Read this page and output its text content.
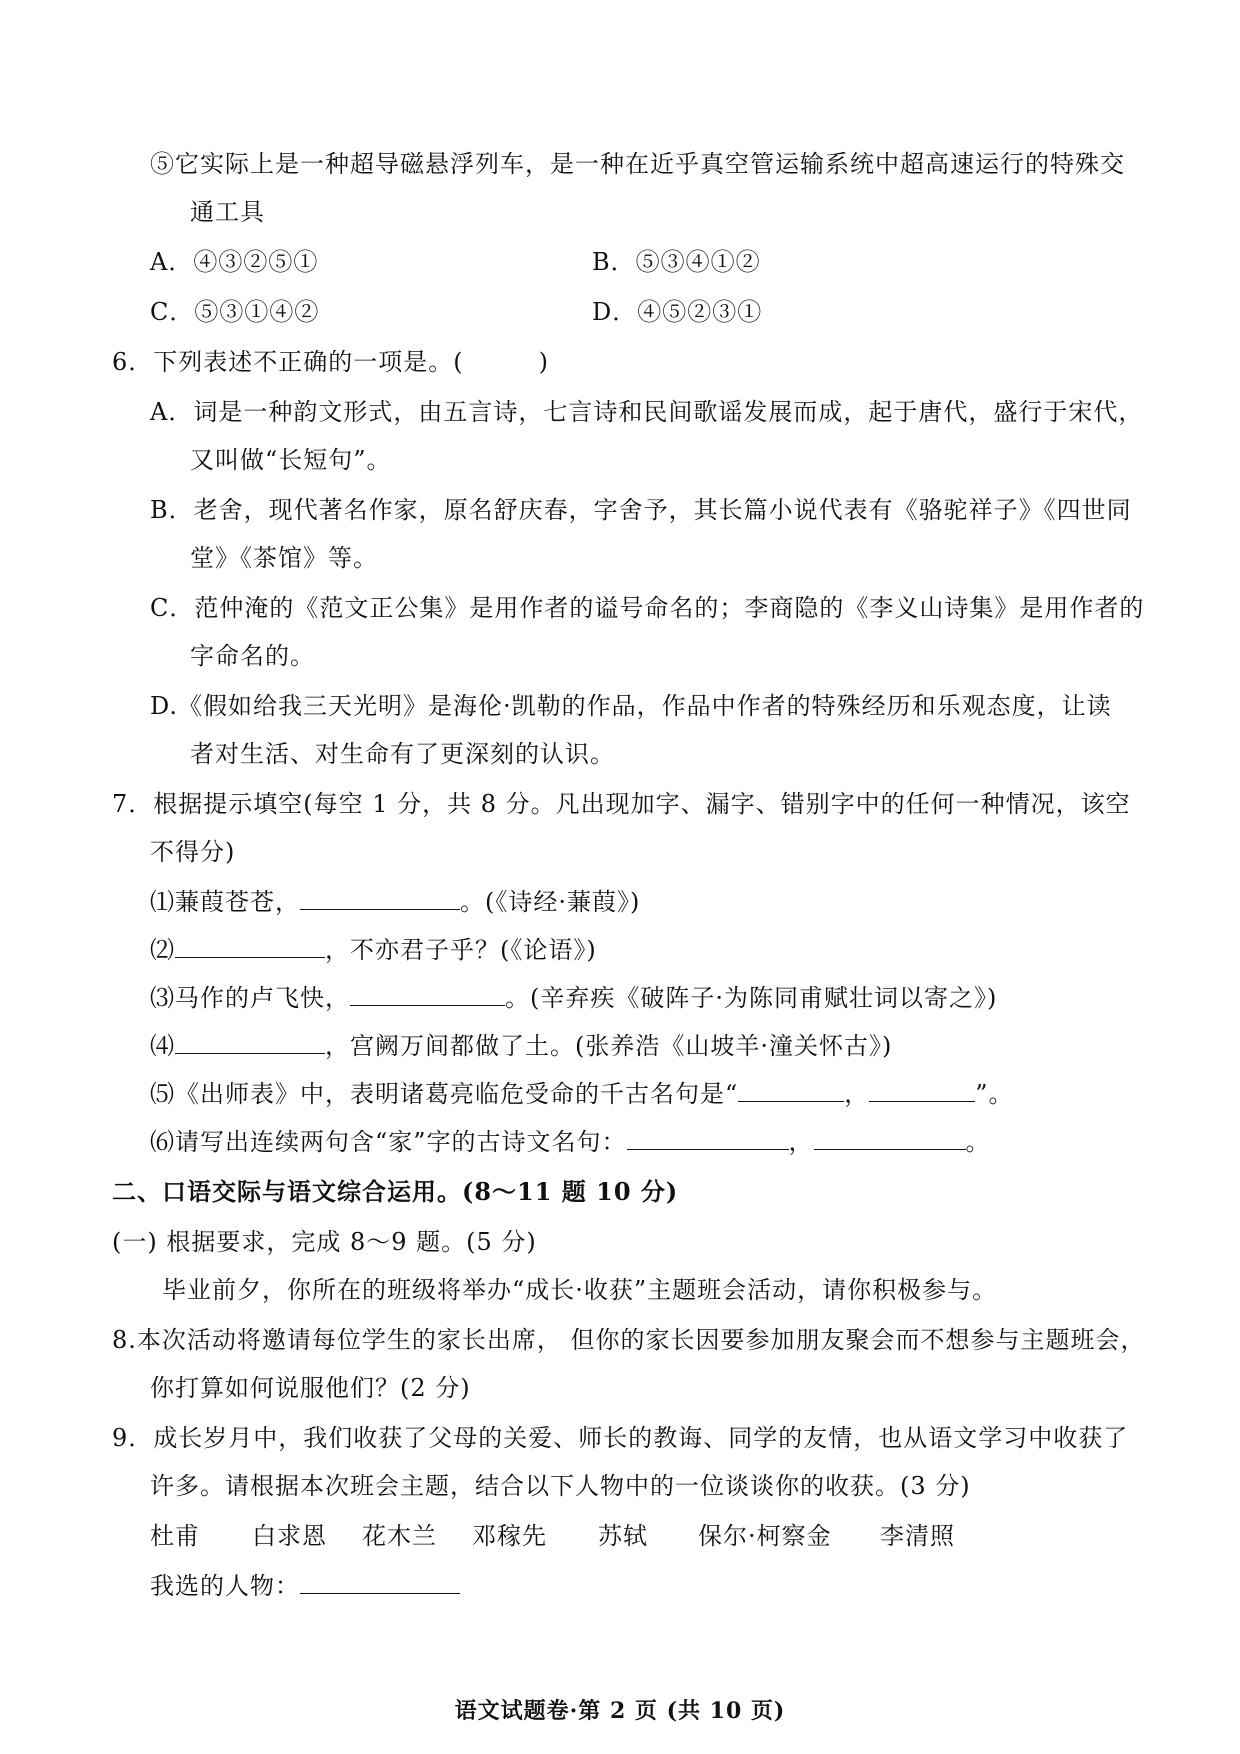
⑤它实际上是一种超导磁悬浮列车，是一种在近乎真空管运输系统中超高速运行的特殊交
通工具
A．④③②⑤①	B．⑤③④①②
C．⑤③①④②	D．④⑤②③①
6．下列表述不正确的一项是。(　　　)
A．词是一种韵文形式，由五言诗，七言诗和民间歌谣发展而成，起于唐代，盛行于宋代，
又叫做“长短句”。
B．老舍，现代著名作家，原名舒庆春，字舍予，其长篇小说代表有《骆驼祥子》《四世同
堂》《茶馆》等。
C．范仲淹的《范文正公集》是用作者的谥号命名的；李商隐的《李义山诗集》是用作者的
字命名的。
D.《假如给我三天光明》是海伦·凯勒的作品，作品中作者的特殊经历和乐观态度，让读
者对生活、对生命有了更深刻的认识。
7．根据提示填空(每空 1 分，共 8 分。凡出现加字、漏字、错别字中的任何一种情况，该空
不得分)
⑴蒹葭苍苍，	。(《诗经·蒹葭》)
⑵	，不亦君子乎？(《论语》)
⑶马作的卢飞快，	。(辛弃疾《破阵子·为陈同甫赋壮词以寄之》)
⑷	，宫阙万间都做了土。(张养浩《山坡羊·潼关怀古》)
⑸《出师表》中，表明诸葛亮临危受命的千古名句是“	，	”。
⑹请写出连续两句含“家”字的古诗文名句：	，	。
二、口语交际与语文综合运用。(8～11 题 10 分)
(一) 根据要求，完成 8～9 题。(5 分)
毕业前夕，你所在的班级将举办“成长·收获”主题班会活动，请你积极参与。
8.本次活动将邀请每位学生的家长出席， 但你的家长因要参加朋友聚会而不想参与主题班会，
你打算如何说服他们？(2 分)
9．成长岁月中，我们收获了父母的关爱、师长的教诲、同学的友情，也从语文学习中收获了
许多。请根据本次班会主题，结合以下人物中的一位谈谈你的收获。(3 分)
杜甫 白求恩 花木兰 邓稼先 苏轼 保尔·柯察金 李清照
我选的人物：
语文试题卷·第 2 页 (共 10 页)
